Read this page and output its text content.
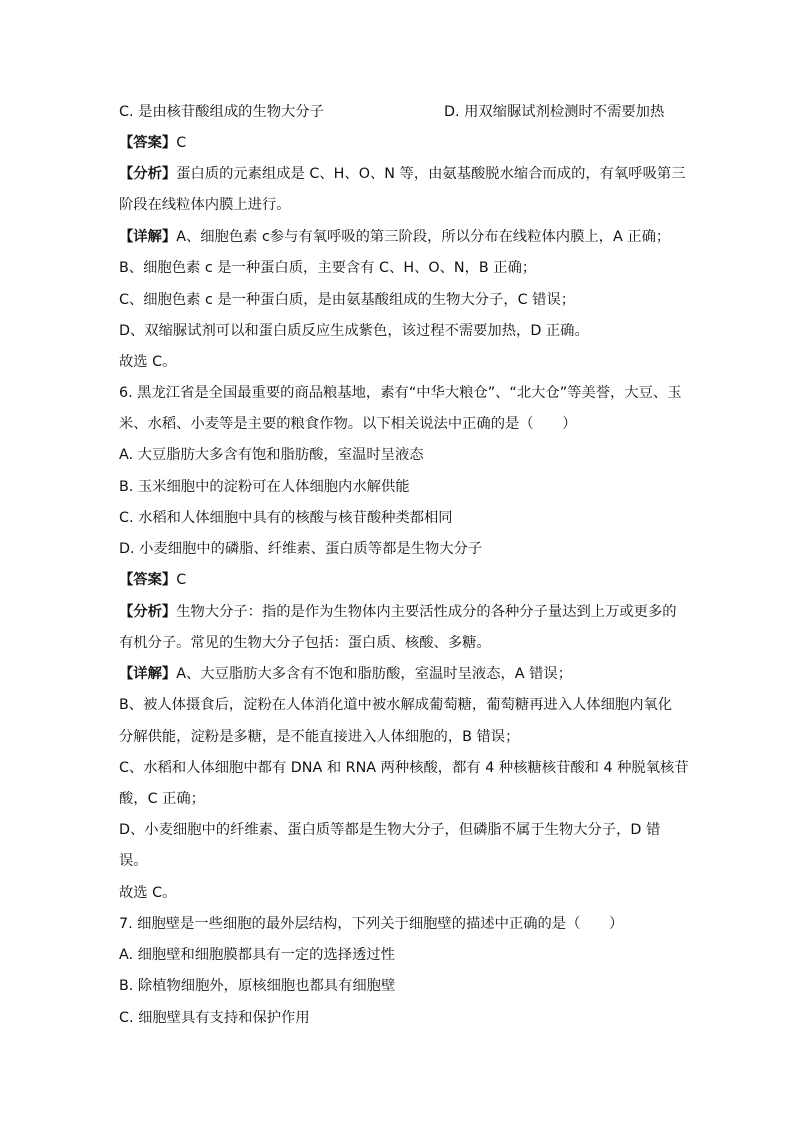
C. 是由核苷酸组成的生物大分子	D. 用双缩脲试剂检测时不需要加热
【答案】C
【分析】蛋白质的元素组成是 C、H、O、N 等，由氨基酸脱水缩合而成的，有氧呼吸第三
阶段在线粒体内膜上进行。
【详解】A、细胞色素 c参与有氧呼吸的第三阶段，所以分布在线粒体内膜上，A 正确；
B、细胞色素 c 是一种蛋白质，主要含有 C、H、O、N，B 正确；
C、细胞色素 c 是一种蛋白质，是由氨基酸组成的生物大分子，C 错误；
D、双缩脲试剂可以和蛋白质反应生成紫色，该过程不需要加热，D 正确。
故选 C。
6. 黑龙江省是全国最重要的商品粮基地，素有“中华大粮仓”、“北大仓”等美誉，大豆、玉
米、水稻、小麦等是主要的粮食作物。以下相关说法中正确的是（　　）
A. 大豆脂肪大多含有饱和脂肪酸，室温时呈液态
B. 玉米细胞中的淀粉可在人体细胞内水解供能
C. 水稻和人体细胞中具有的核酸与核苷酸种类都相同
D. 小麦细胞中的磷脂、纤维素、蛋白质等都是生物大分子
【答案】C
【分析】生物大分子：指的是作为生物体内主要活性成分的各种分子量达到上万或更多的
有机分子。常见的生物大分子包括：蛋白质、核酸、多糖。
【详解】A、大豆脂肪大多含有不饱和脂肪酸，室温时呈液态，A 错误；
B、被人体摄食后，淀粉在人体消化道中被水解成葡萄糖，葡萄糖再进入人体细胞内氧化
分解供能，淀粉是多糖，是不能直接进入人体细胞的，B 错误；
C、水稻和人体细胞中都有 DNA 和 RNA 两种核酸，都有 4 种核糖核苷酸和 4 种脱氧核苷
酸，C 正确；
D、小麦细胞中的纤维素、蛋白质等都是生物大分子，但磷脂不属于生物大分子，D 错
误。
故选 C。
7. 细胞壁是一些细胞的最外层结构，下列关于细胞壁的描述中正确的是（　　）
A. 细胞壁和细胞膜都具有一定的选择透过性
B. 除植物细胞外，原核细胞也都具有细胞壁
C. 细胞壁具有支持和保护作用
